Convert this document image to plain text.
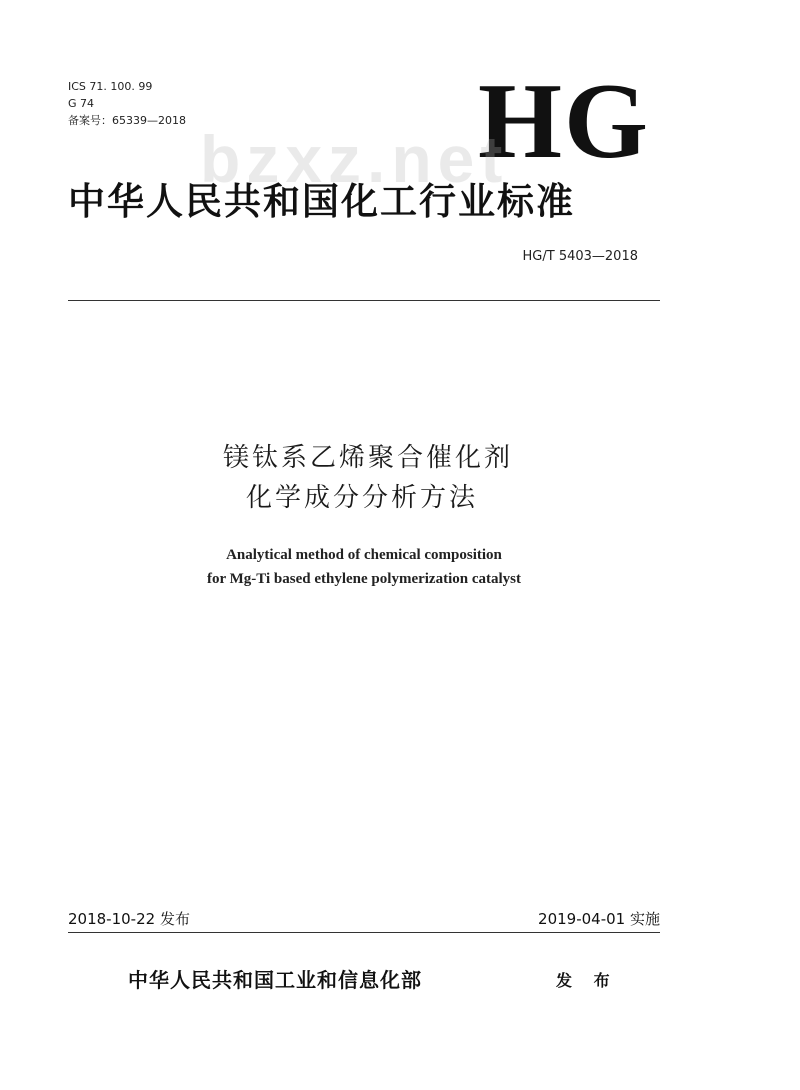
ICS 71. 100. 99
G 74
备案号：65339—2018	HG
bzxz.net
中华人民共和国化工行业标准
HG/T 5403—2018
镁钛系乙烯聚合催化剂
化学成分分析方法
Analytical method of chemical composition
for Mg-Ti based ethylene polymerization catalyst
2018-10-22 发布	2019-04-01 实施
中华人民共和国工业和信息化部	发 布
